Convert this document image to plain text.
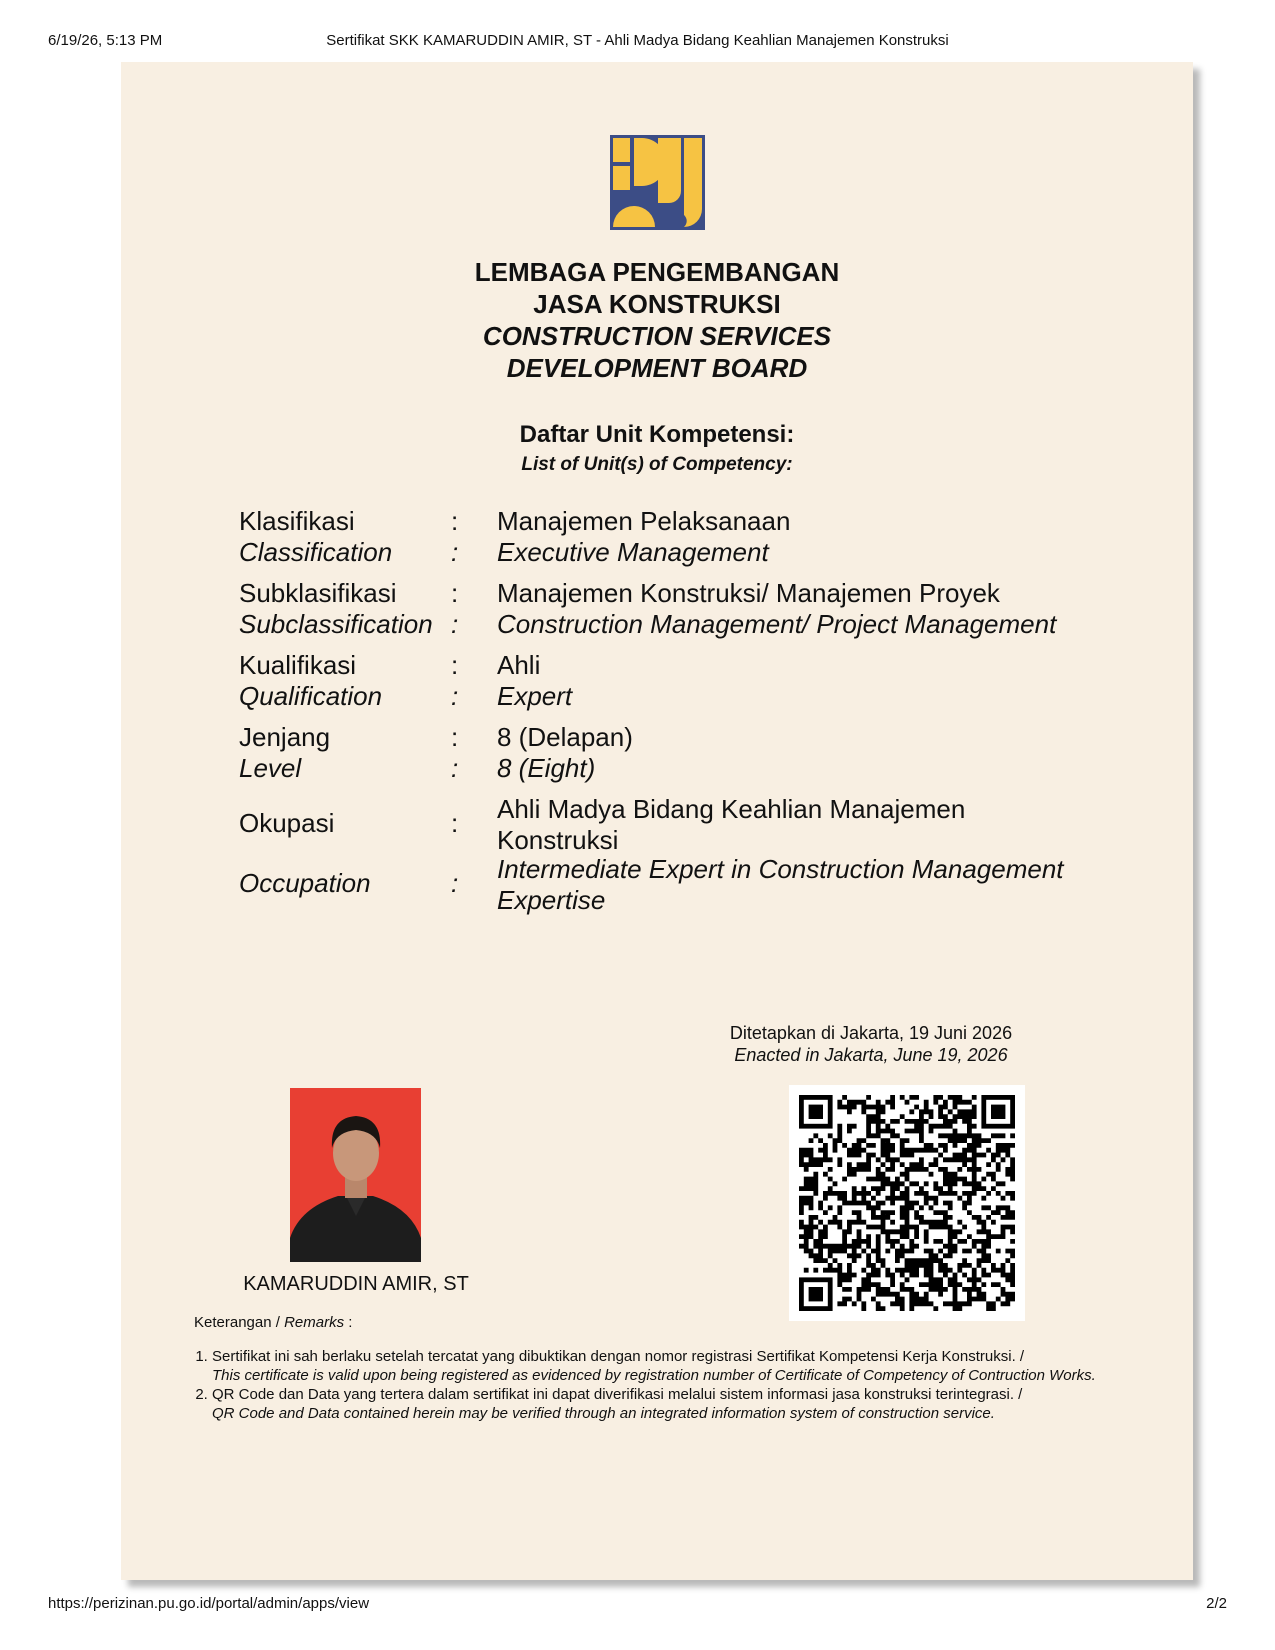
6/19/26, 5:13 PM	Sertifikat SKK KAMARUDDIN AMIR, ST - Ahli Madya Bidang Keahlian Manajemen Konstruksi
LEMBAGA PENGEMBANGAN
JASA KONSTRUKSI
CONSTRUCTION SERVICES
DEVELOPMENT BOARD
Daftar Unit Kompetensi:
List of Unit(s) of Competency:
Klasifikasi	: Manajemen Pelaksanaan
Classification : Executive Management
Subklasifikasi : Manajemen Konstruksi/ Manajemen Proyek
Subclassification : Construction Management/ Project Management
Kualifikasi	: Ahli
Qualification	: Expert
Jenjang	: 8 (Delapan)
Level	: 8 (Eight)
Okupasi	: Ahli Madya Bidang Keahlian Manajemen
Konstruksi
Occupation	: Intermediate Expert in Construction Management
Expertise
Ditetapkan di Jakarta, 19 Juni 2026
Enacted in Jakarta, June 19, 2026
KAMARUDDIN AMIR, ST
Keterangan / Remarks :
1. Sertifikat ini sah berlaku setelah tercatat yang dibuktikan dengan nomor registrasi Sertifikat Kompetensi Kerja Konstruksi. /
This certificate is valid upon being registered as evidenced by registration number of Certificate of Competency of Contruction Works.
2. QR Code dan Data yang tertera dalam sertifikat ini dapat diverifikasi melalui sistem informasi jasa konstruksi terintegrasi. /
QR Code and Data contained herein may be verified through an integrated information system of construction service.
https://perizinan.pu.go.id/portal/admin/apps/view	2/2
